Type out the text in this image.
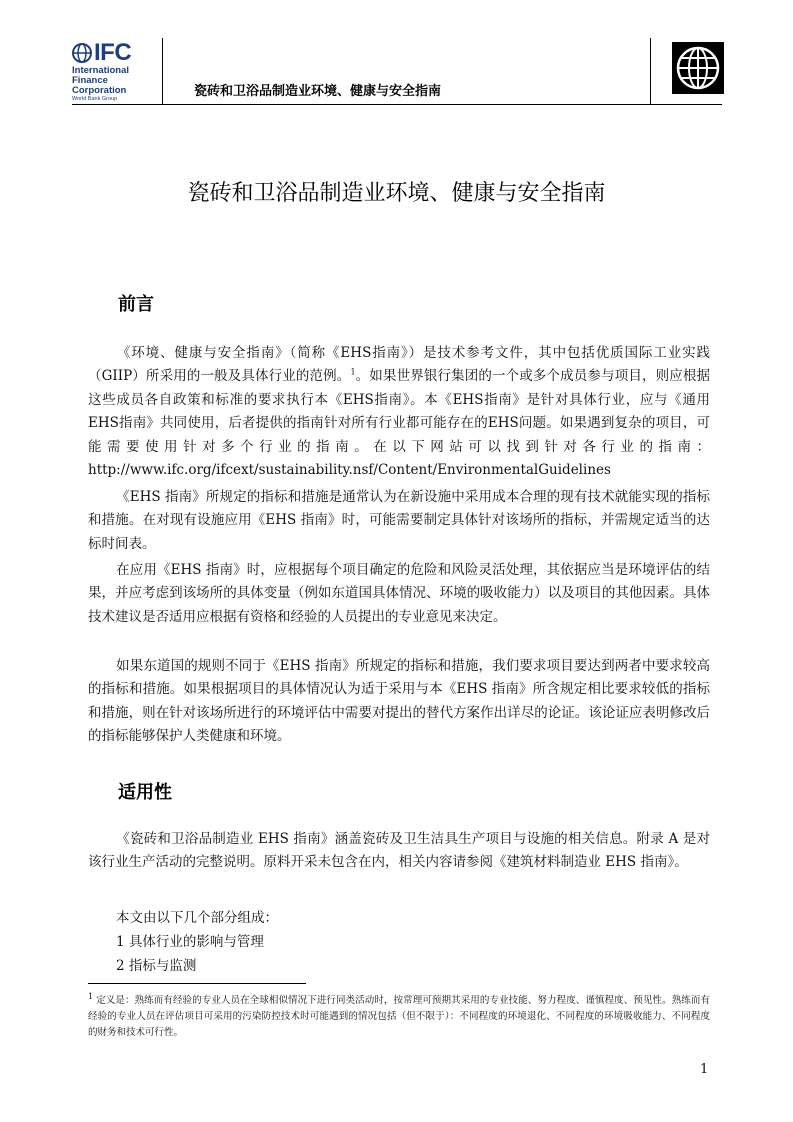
IFC
International
Finance
Corporation
World Bank Group	瓷砖和卫浴品制造业环境、健康与安全指南
瓷砖和卫浴品制造业环境、健康与安全指南
前言

《环境、健康与安全指南》（简称《EHS指南》）是技术参考文件，其中包括优质国际工业实践（GIIP）所采用的一般及具体行业的范例。$^1$。如果世界银行集团的一个或多个成员参与项目，则应根据这些成员各自政策和标准的要求执行本《EHS指南》。本《EHS指南》是针对具体行业，应与《通用EHS指南》共同使用，后者提供的指南针对所有行业都可能存在的EHS问题。如果遇到复杂的项目，可能需要使用针对多个行业的指南。在以下网站可以找到针对各行业的指南：http://www.ifc.org/ifcext/sustainability.nsf/Content/EnvironmentalGuidelines

《EHS 指南》所规定的指标和措施是通常认为在新设施中采用成本合理的现有技术就能实现的指标和措施。在对现有设施应用《EHS 指南》时，可能需要制定具体针对该场所的指标，并需规定适当的达标时间表。

在应用《EHS 指南》时，应根据每个项目确定的危险和风险灵活处理，其依据应当是环境评估的结果，并应考虑到该场所的具体变量（例如东道国具体情况、环境的吸收能力）以及项目的其他因素。具体技术建议是否适用应根据有资格和经验的人员提出的专业意见来决定。

如果东道国的规则不同于《EHS 指南》所规定的指标和措施，我们要求项目要达到两者中要求较高的指标和措施。如果根据项目的具体情况认为适于采用与本《EHS 指南》所含规定相比要求较低的指标和措施，则在针对该场所进行的环境评估中需要对提出的替代方案作出详尽的论证。该论证应表明修改后的指标能够保护人类健康和环境。

适用性

《瓷砖和卫浴品制造业 EHS 指南》涵盖瓷砖及卫生洁具生产项目与设施的相关信息。附录 A 是对该行业生产活动的完整说明。原料开采未包含在内，相关内容请参阅《建筑材料制造业 EHS 指南》。

本文由以下几个部分组成：
1 具体行业的影响与管理
2 指标与监测

$^1$ 定义是：熟练而有经验的专业人员在全球相似情况下进行同类活动时，按常理可预期其采用的专业技能、努力程度、谨慎程度、预见性。熟练而有经验的专业人员在评估项目可采用的污染防控技术时可能遇到的情况包括（但不限于）：不同程度的环境退化、不同程度的环境吸收能力、不同程度的财务和技术可行性。

1
